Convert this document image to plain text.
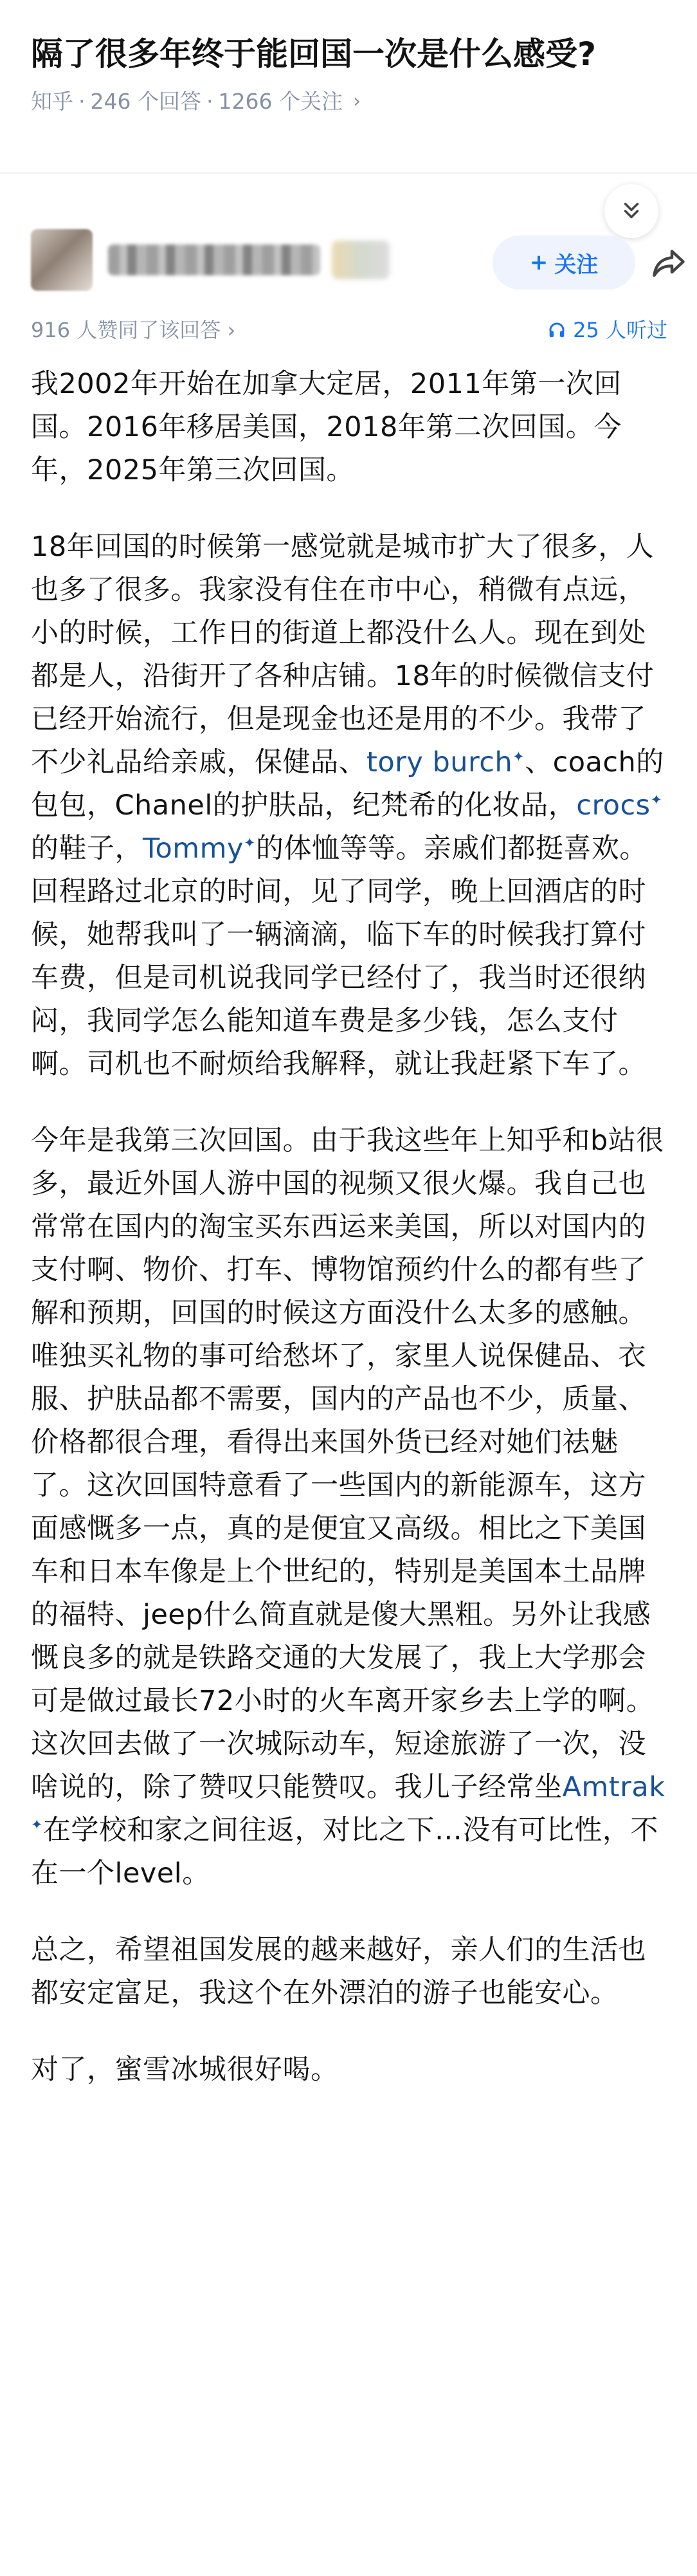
隔了很多年终于能回国一次是什么感受?
知乎 · 246 个回答 · 1266 个关注 ›
+ 关注
916 人赞同了该回答 ›	25 人听过

我2002年开始在加拿大定居，2011年第一次回国。2016年移居美国，2018年第二次回国。今年，2025年第三次回国。

18年回国的时候第一感觉就是城市扩大了很多，人也多了很多。我家没有住在市中心，稍微有点远，小的时候，工作日的街道上都没什么人。现在到处都是人，沿街开了各种店铺。18年的时候微信支付已经开始流行，但是现金也还是用的不少。我带了不少礼品给亲戚，保健品、tory burch✦、coach的包包，Chanel的护肤品，纪梵希的化妆品，crocs✦的鞋子，Tommy✦的体恤等等。亲戚们都挺喜欢。回程路过北京的时间，见了同学，晚上回酒店的时候，她帮我叫了一辆滴滴，临下车的时候我打算付车费，但是司机说我同学已经付了，我当时还很纳闷，我同学怎么能知道车费是多少钱，怎么支付啊。司机也不耐烦给我解释，就让我赶紧下车了。

今年是我第三次回国。由于我这些年上知乎和b站很多，最近外国人游中国的视频又很火爆。我自己也常常在国内的淘宝买东西运来美国，所以对国内的支付啊、物价、打车、博物馆预约什么的都有些了解和预期，回国的时候这方面没什么太多的感触。唯独买礼物的事可给愁坏了，家里人说保健品、衣服、护肤品都不需要，国内的产品也不少，质量、价格都很合理，看得出来国外货已经对她们祛魅了。这次回国特意看了一些国内的新能源车，这方面感慨多一点，真的是便宜又高级。相比之下美国车和日本车像是上个世纪的，特别是美国本土品牌的福特、jeep什么简直就是傻大黑粗。另外让我感慨良多的就是铁路交通的大发展了，我上大学那会可是做过最长72小时的火车离开家乡去上学的啊。这次回去做了一次城际动车，短途旅游了一次，没啥说的，除了赞叹只能赞叹。我儿子经常坐Amtrak✦在学校和家之间往返，对比之下…没有可比性，不在一个level。

总之，希望祖国发展的越来越好，亲人们的生活也都安定富足，我这个在外漂泊的游子也能安心。

对了，蜜雪冰城很好喝。
